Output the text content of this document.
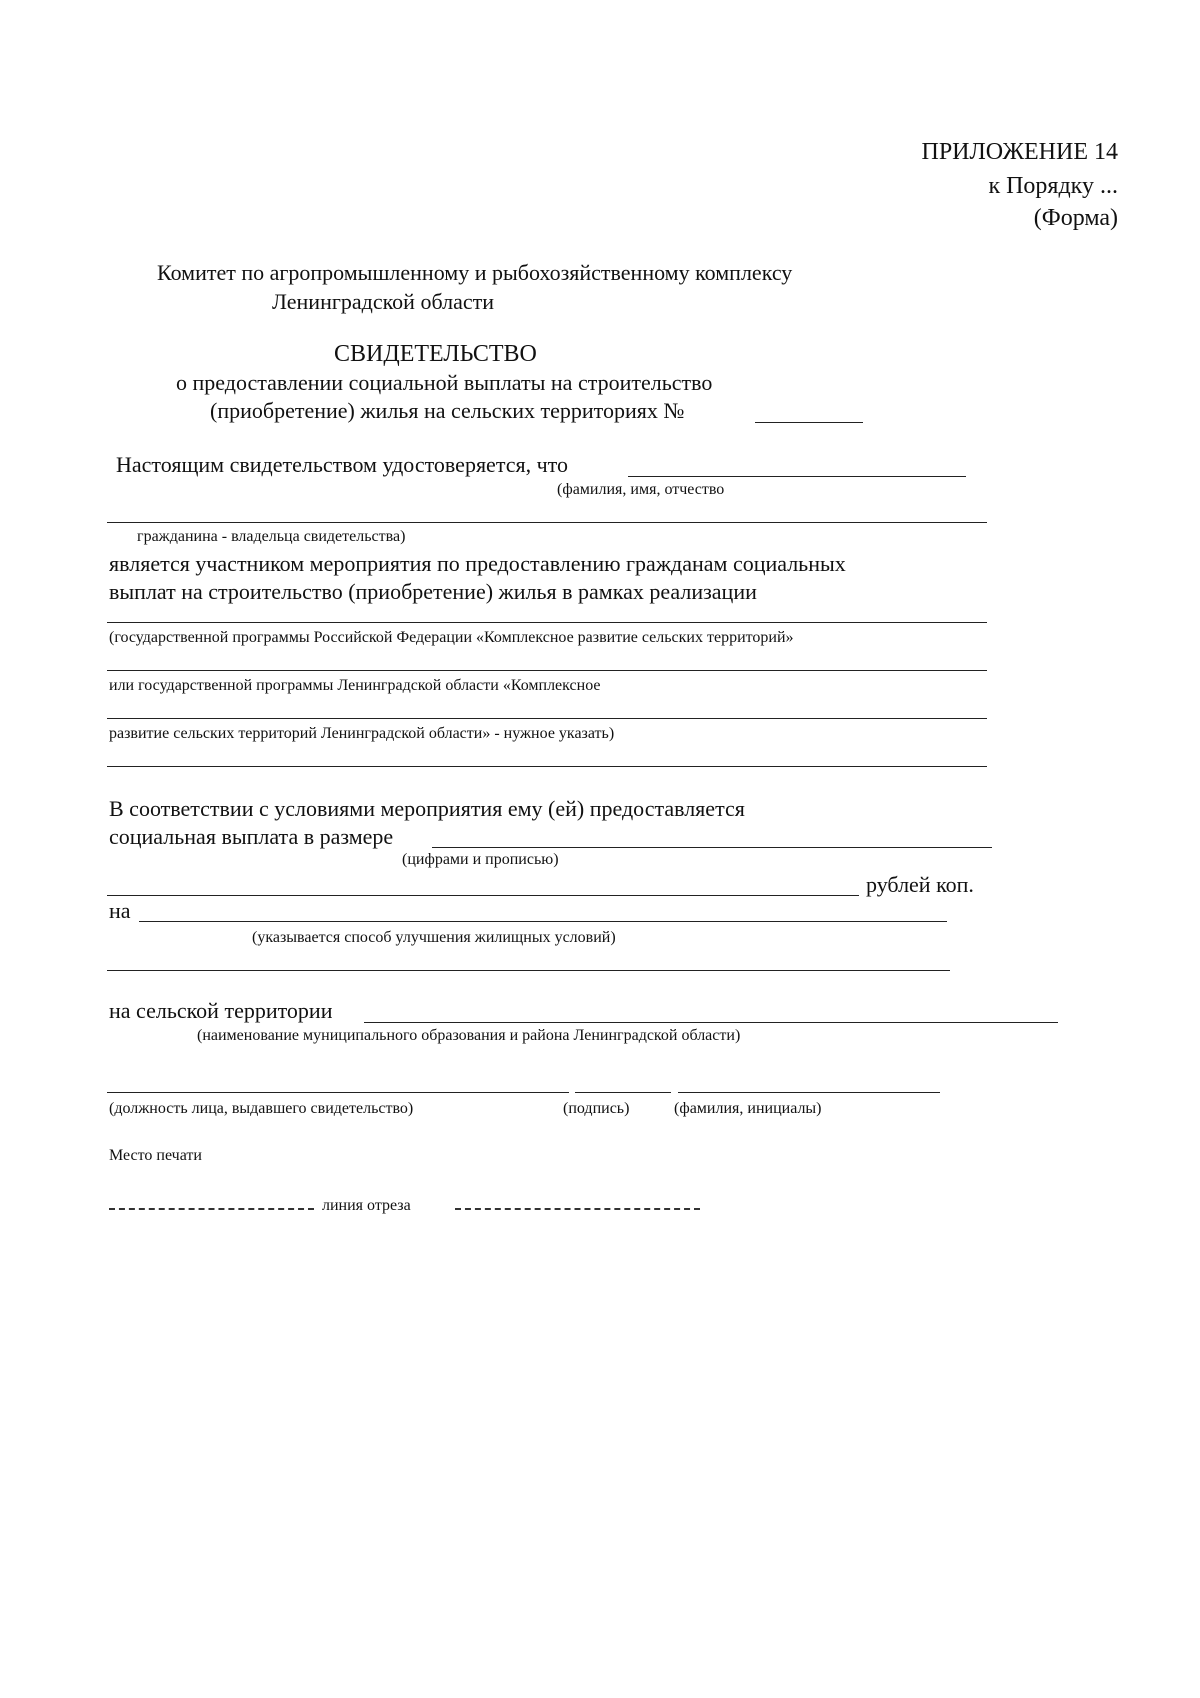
ПРИЛОЖЕНИЕ 14
к Порядку ...
(Форма)
Комитет по агропромышленному и рыбохозяйственному комплексу
Ленинградской области
СВИДЕТЕЛЬСТВО
о предоставлении социальной выплаты на строительство
(приобретение) жилья на сельских территориях №
Настоящим свидетельством удостоверяется, что
(фамилия, имя, отчество
гражданина - владельца свидетельства)
является участником мероприятия по предоставлению гражданам социальных
выплат на строительство (приобретение) жилья в рамках реализации
(государственной программы Российской Федерации «Комплексное развитие сельских территорий»
или государственной программы Ленинградской области «Комплексное
развитие сельских территорий Ленинградской области» - нужное указать)
В соответствии с условиями мероприятия ему (ей) предоставляется
социальная выплата в размере
(цифрами и прописью)
рублей коп.
на
(указывается способ улучшения жилищных условий)
на сельской территории
(наименование муниципального образования и района Ленинградской области)
(должность лица, выдавшего свидетельство)	(подпись)	(фамилия, инициалы)
Место печати
линия отреза
